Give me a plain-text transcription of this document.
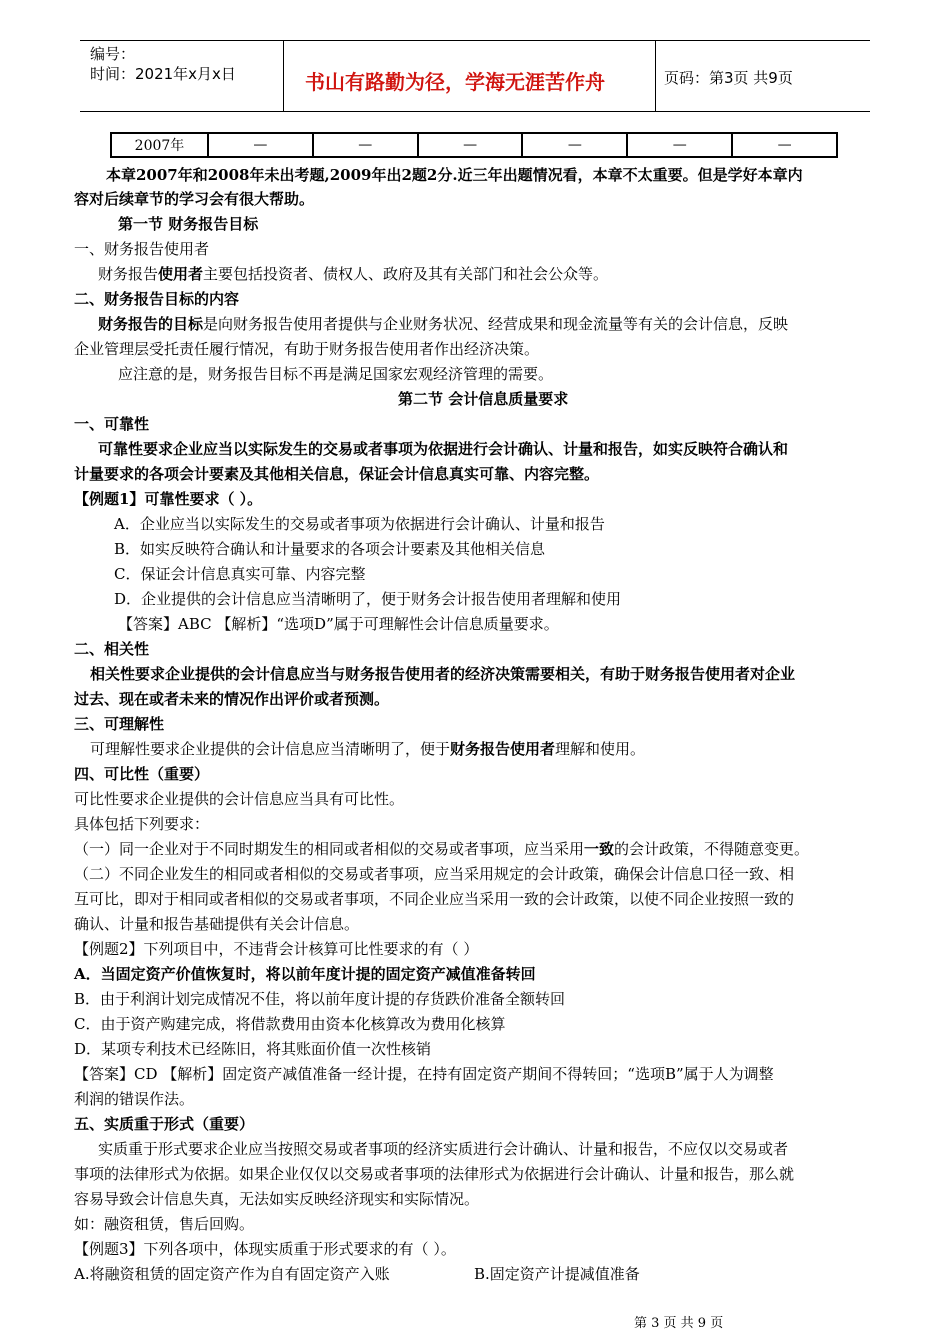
编号：
时间：2021年x月x日	书山有路勤为径，学海无涯苦作舟	页码：第3页 共9页
2007年	—	—	—	—	—	—
本章2007年和2008年未出考题,2009年出2题2分.近三年出题情况看，本章不太重要。但是学好本章内
容对后续章节的学习会有很大帮助。
第一节 财务报告目标
一、财务报告使用者
财务报告使用者主要包括投资者、债权人、政府及其有关部门和社会公众等。
二、财务报告目标的内容
财务报告的目标是向财务报告使用者提供与企业财务状况、经营成果和现金流量等有关的会计信息，反映
企业管理层受托责任履行情况，有助于财务报告使用者作出经济决策。
应注意的是，财务报告目标不再是满足国家宏观经济管理的需要。
第二节 会计信息质量要求
一、可靠性
可靠性要求企业应当以实际发生的交易或者事项为依据进行会计确认、计量和报告，如实反映符合确认和
计量要求的各项会计要素及其他相关信息，保证会计信息真实可靠、内容完整。
【例题1】可靠性要求（ ）。
A．企业应当以实际发生的交易或者事项为依据进行会计确认、计量和报告
B．如实反映符合确认和计量要求的各项会计要素及其他相关信息
C．保证会计信息真实可靠、内容完整
D．企业提供的会计信息应当清晰明了，便于财务会计报告使用者理解和使用
【答案】ABC 【解析】“选项D”属于可理解性会计信息质量要求。
二、相关性
相关性要求企业提供的会计信息应当与财务报告使用者的经济决策需要相关，有助于财务报告使用者对企业
过去、现在或者未来的情况作出评价或者预测。
三、可理解性
可理解性要求企业提供的会计信息应当清晰明了，便于财务报告使用者理解和使用。
四、可比性（重要）
可比性要求企业提供的会计信息应当具有可比性。
具体包括下列要求：
（一）同一企业对于不同时期发生的相同或者相似的交易或者事项，应当采用一致的会计政策，不得随意变更。
（二）不同企业发生的相同或者相似的交易或者事项，应当采用规定的会计政策，确保会计信息口径一致、相
互可比，即对于相同或者相似的交易或者事项，不同企业应当采用一致的会计政策，以使不同企业按照一致的
确认、计量和报告基础提供有关会计信息。
【例题2】下列项目中，不违背会计核算可比性要求的有（ ）
A．当固定资产价值恢复时，将以前年度计提的固定资产减值准备转回
B．由于利润计划完成情况不佳，将以前年度计提的存货跌价准备全额转回
C．由于资产购建完成，将借款费用由资本化核算改为费用化核算
D．某项专利技术已经陈旧，将其账面价值一次性核销
【答案】CD 【解析】固定资产减值准备一经计提，在持有固定资产期间不得转回；“选项B”属于人为调整
利润的错误作法。
五、实质重于形式（重要）
实质重于形式要求企业应当按照交易或者事项的经济实质进行会计确认、计量和报告，不应仅以交易或者
事项的法律形式为依据。如果企业仅仅以交易或者事项的法律形式为依据进行会计确认、计量和报告，那么就
容易导致会计信息失真，无法如实反映经济现实和实际情况。
如：融资租赁，售后回购。
【例题3】下列各项中，体现实质重于形式要求的有（ ）。
A.将融资租赁的固定资产作为自有固定资产入账	B.固定资产计提减值准备
第 3 页 共 9 页
